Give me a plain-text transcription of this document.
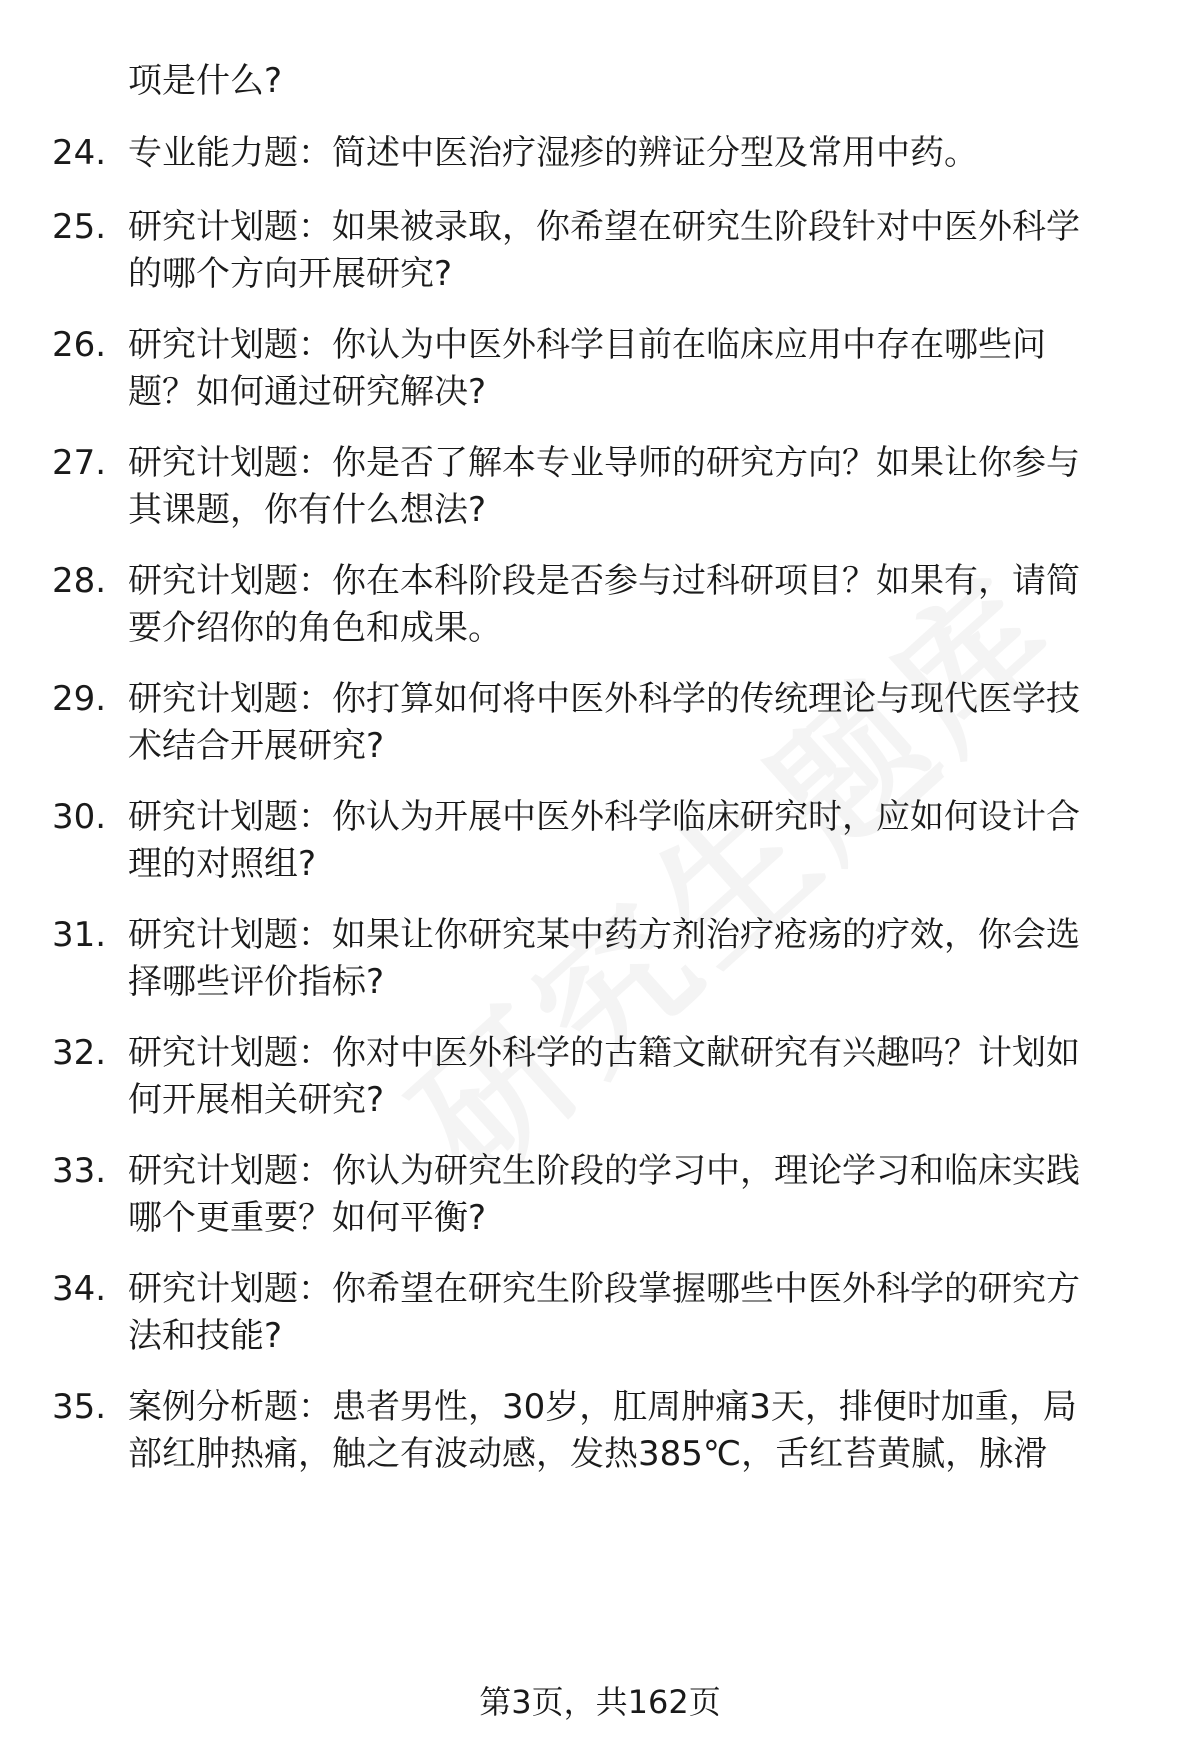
项是什么?
24. 专业能力题：简述中医治疗湿疹的辨证分型及常用中药。
25. 研究计划题：如果被录取，你希望在研究生阶段针对中医外科学
的哪个方向开展研究?
26. 研究计划题：你认为中医外科学目前在临床应用中存在哪些问
题？如何通过研究解决?
27. 研究计划题：你是否了解本专业导师的研究方向？如果让你参与
其课题，你有什么想法?
28. 研究计划题：你在本科阶段是否参与过科研项目？如果有，请简
要介绍你的角色和成果。
29. 研究计划题：你打算如何将中医外科学的传统理论与现代医学技
术结合开展研究?
30. 研究计划题：你认为开展中医外科学临床研究时，应如何设计合
理的对照组?
31. 研究计划题：如果让你研究某中药方剂治疗疮疡的疗效，你会选
择哪些评价指标?
32. 研究计划题：你对中医外科学的古籍文献研究有兴趣吗？计划如
何开展相关研究?
33. 研究计划题：你认为研究生阶段的学习中，理论学习和临床实践
哪个更重要？如何平衡?
34. 研究计划题：你希望在研究生阶段掌握哪些中医外科学的研究方
法和技能?
35. 案例分析题：患者男性，30岁，肛周肿痛3天，排便时加重，局
部红肿热痛，触之有波动感，发热385℃，舌红苔黄腻，脉滑
第3页，共162页
